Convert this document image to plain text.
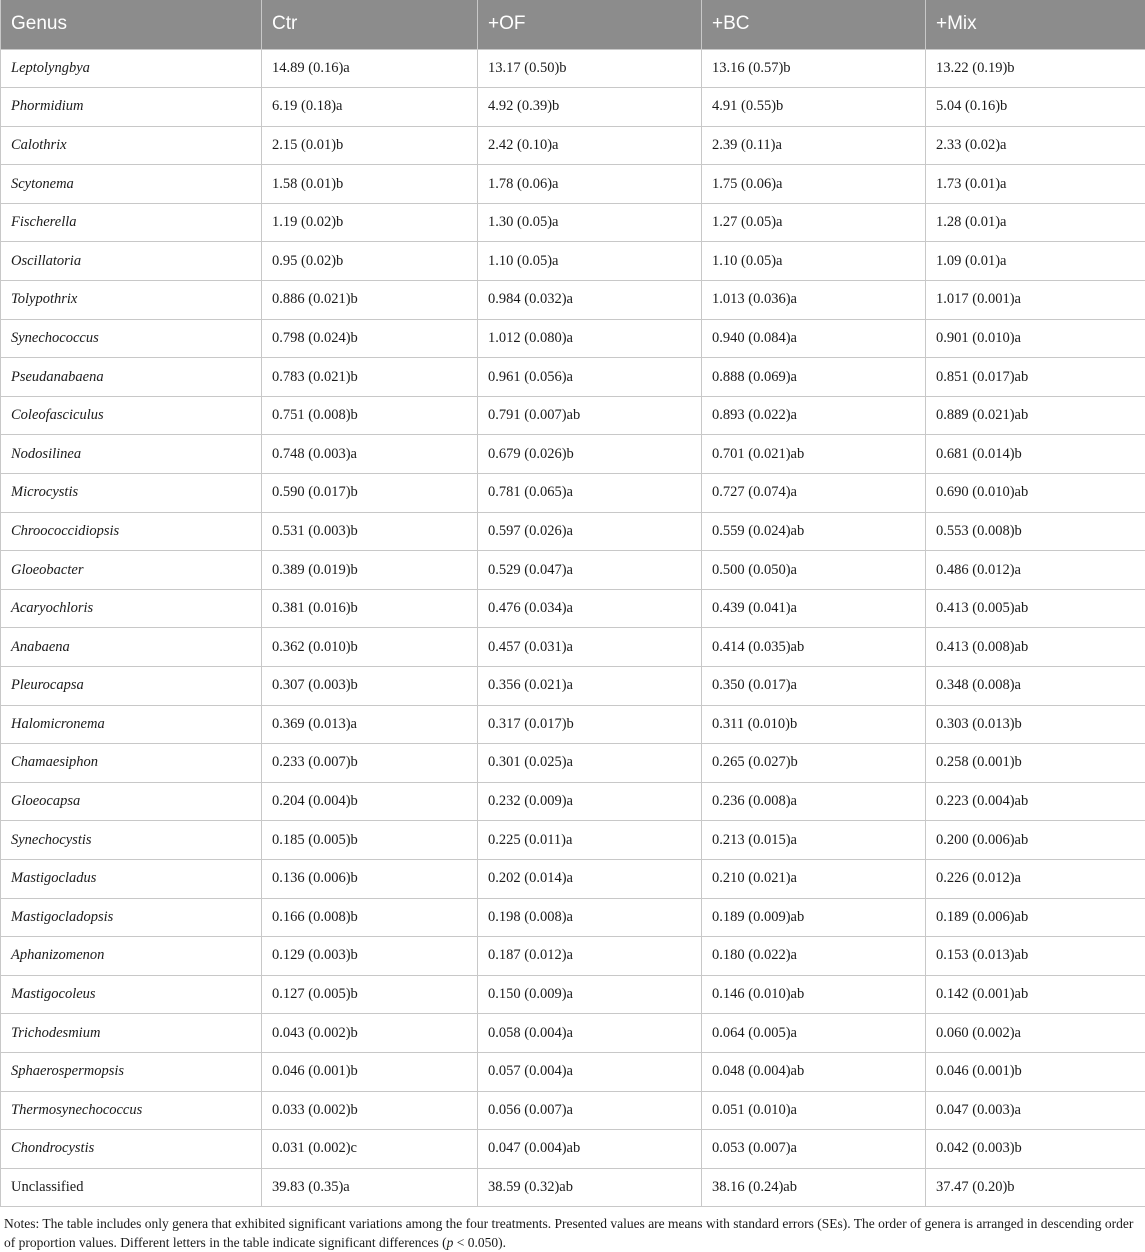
Genus	Ctr	+OF	+BC	+Mix
Leptolyngbya	14.89 (0.16)a	13.17 (0.50)b	13.16 (0.57)b	13.22 (0.19)b
Phormidium	6.19 (0.18)a	4.92 (0.39)b	4.91 (0.55)b	5.04 (0.16)b
Calothrix	2.15 (0.01)b	2.42 (0.10)a	2.39 (0.11)a	2.33 (0.02)a
Scytonema	1.58 (0.01)b	1.78 (0.06)a	1.75 (0.06)a	1.73 (0.01)a
Fischerella	1.19 (0.02)b	1.30 (0.05)a	1.27 (0.05)a	1.28 (0.01)a
Oscillatoria	0.95 (0.02)b	1.10 (0.05)a	1.10 (0.05)a	1.09 (0.01)a
Tolypothrix	0.886 (0.021)b	0.984 (0.032)a	1.013 (0.036)a	1.017 (0.001)a
Synechococcus	0.798 (0.024)b	1.012 (0.080)a	0.940 (0.084)a	0.901 (0.010)a
Pseudanabaena	0.783 (0.021)b	0.961 (0.056)a	0.888 (0.069)a	0.851 (0.017)ab
Coleofasciculus	0.751 (0.008)b	0.791 (0.007)ab	0.893 (0.022)a	0.889 (0.021)ab
Nodosilinea	0.748 (0.003)a	0.679 (0.026)b	0.701 (0.021)ab	0.681 (0.014)b
Microcystis	0.590 (0.017)b	0.781 (0.065)a	0.727 (0.074)a	0.690 (0.010)ab
Chroococcidiopsis	0.531 (0.003)b	0.597 (0.026)a	0.559 (0.024)ab	0.553 (0.008)b
Gloeobacter	0.389 (0.019)b	0.529 (0.047)a	0.500 (0.050)a	0.486 (0.012)a
Acaryochloris	0.381 (0.016)b	0.476 (0.034)a	0.439 (0.041)a	0.413 (0.005)ab
Anabaena	0.362 (0.010)b	0.457 (0.031)a	0.414 (0.035)ab	0.413 (0.008)ab
Pleurocapsa	0.307 (0.003)b	0.356 (0.021)a	0.350 (0.017)a	0.348 (0.008)a
Halomicronema	0.369 (0.013)a	0.317 (0.017)b	0.311 (0.010)b	0.303 (0.013)b
Chamaesiphon	0.233 (0.007)b	0.301 (0.025)a	0.265 (0.027)b	0.258 (0.001)b
Gloeocapsa	0.204 (0.004)b	0.232 (0.009)a	0.236 (0.008)a	0.223 (0.004)ab
Synechocystis	0.185 (0.005)b	0.225 (0.011)a	0.213 (0.015)a	0.200 (0.006)ab
Mastigocladus	0.136 (0.006)b	0.202 (0.014)a	0.210 (0.021)a	0.226 (0.012)a
Mastigocladopsis	0.166 (0.008)b	0.198 (0.008)a	0.189 (0.009)ab	0.189 (0.006)ab
Aphanizomenon	0.129 (0.003)b	0.187 (0.012)a	0.180 (0.022)a	0.153 (0.013)ab
Mastigocoleus	0.127 (0.005)b	0.150 (0.009)a	0.146 (0.010)ab	0.142 (0.001)ab
Trichodesmium	0.043 (0.002)b	0.058 (0.004)a	0.064 (0.005)a	0.060 (0.002)a
Sphaerospermopsis	0.046 (0.001)b	0.057 (0.004)a	0.048 (0.004)ab	0.046 (0.001)b
Thermosynechococcus	0.033 (0.002)b	0.056 (0.007)a	0.051 (0.010)a	0.047 (0.003)a
Chondrocystis	0.031 (0.002)c	0.047 (0.004)ab	0.053 (0.007)a	0.042 (0.003)b
Unclassified	39.83 (0.35)a	38.59 (0.32)ab	38.16 (0.24)ab	37.47 (0.20)b
Notes: The table includes only genera that exhibited significant variations among the four treatments. Presented values are means with standard errors (SEs). The order of genera is arranged in descending order of proportion values. Different letters in the table indicate significant differences (p < 0.050).
